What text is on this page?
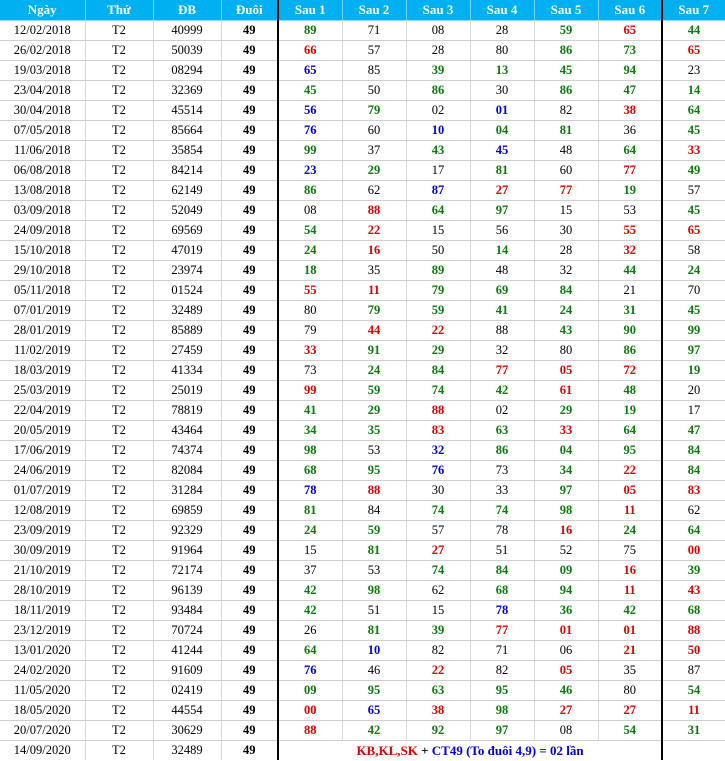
Ngày	Thứ	ĐB	Đuôi	Sau 1	Sau 2	Sau 3	Sau 4	Sau 5	Sau 6	Sau 7
12/02/2018	T2	40999	49	89	71	08	28	59	65	44
26/02/2018	T2	50039	49	66	57	28	80	86	73	65
19/03/2018	T2	08294	49	65	85	39	13	45	94	23
23/04/2018	T2	32369	49	45	50	86	30	86	47	14
30/04/2018	T2	45514	49	56	79	02	01	82	38	64
07/05/2018	T2	85664	49	76	60	10	04	81	36	45
11/06/2018	T2	35854	49	99	37	43	45	48	64	33
06/08/2018	T2	84214	49	23	29	17	81	60	77	49
13/08/2018	T2	62149	49	86	62	87	27	77	19	57
03/09/2018	T2	52049	49	08	88	64	97	15	53	45
24/09/2018	T2	69569	49	54	22	15	56	30	55	65
15/10/2018	T2	47019	49	24	16	50	14	28	32	58
29/10/2018	T2	23974	49	18	35	89	48	32	44	24
05/11/2018	T2	01524	49	55	11	79	69	84	21	70
07/01/2019	T2	32489	49	80	79	59	41	24	31	45
28/01/2019	T2	85889	49	79	44	22	88	43	90	99
11/02/2019	T2	27459	49	33	91	29	32	80	86	97
18/03/2019	T2	41334	49	73	24	84	77	05	72	19
25/03/2019	T2	25019	49	99	59	74	42	61	48	20
22/04/2019	T2	78819	49	41	29	88	02	29	19	17
20/05/2019	T2	43464	49	34	35	83	63	33	64	47
17/06/2019	T2	74374	49	98	53	32	86	04	95	84
24/06/2019	T2	82084	49	68	95	76	73	34	22	84
01/07/2019	T2	31284	49	78	88	30	33	97	05	83
12/08/2019	T2	69859	49	81	84	74	74	98	11	62
23/09/2019	T2	92329	49	24	59	57	78	16	24	64
30/09/2019	T2	91964	49	15	81	27	51	52	75	00
21/10/2019	T2	72174	49	37	53	74	84	09	16	39
28/10/2019	T2	96139	49	42	98	62	68	94	11	43
18/11/2019	T2	93484	49	42	51	15	78	36	42	68
23/12/2019	T2	70724	49	26	81	39	77	01	01	88
13/01/2020	T2	41244	49	64	10	82	71	06	21	50
24/02/2020	T2	91609	49	76	46	22	82	05	35	87
11/05/2020	T2	02419	49	09	95	63	95	46	80	54
18/05/2020	T2	44554	49	00	65	38	98	27	27	11
20/07/2020	T2	30629	49	88	42	92	97	08	54	31
14/09/2020	T2	32489	49	KB,KL,SK + CT49 (To đuôi 4,9) = 02 lần						
